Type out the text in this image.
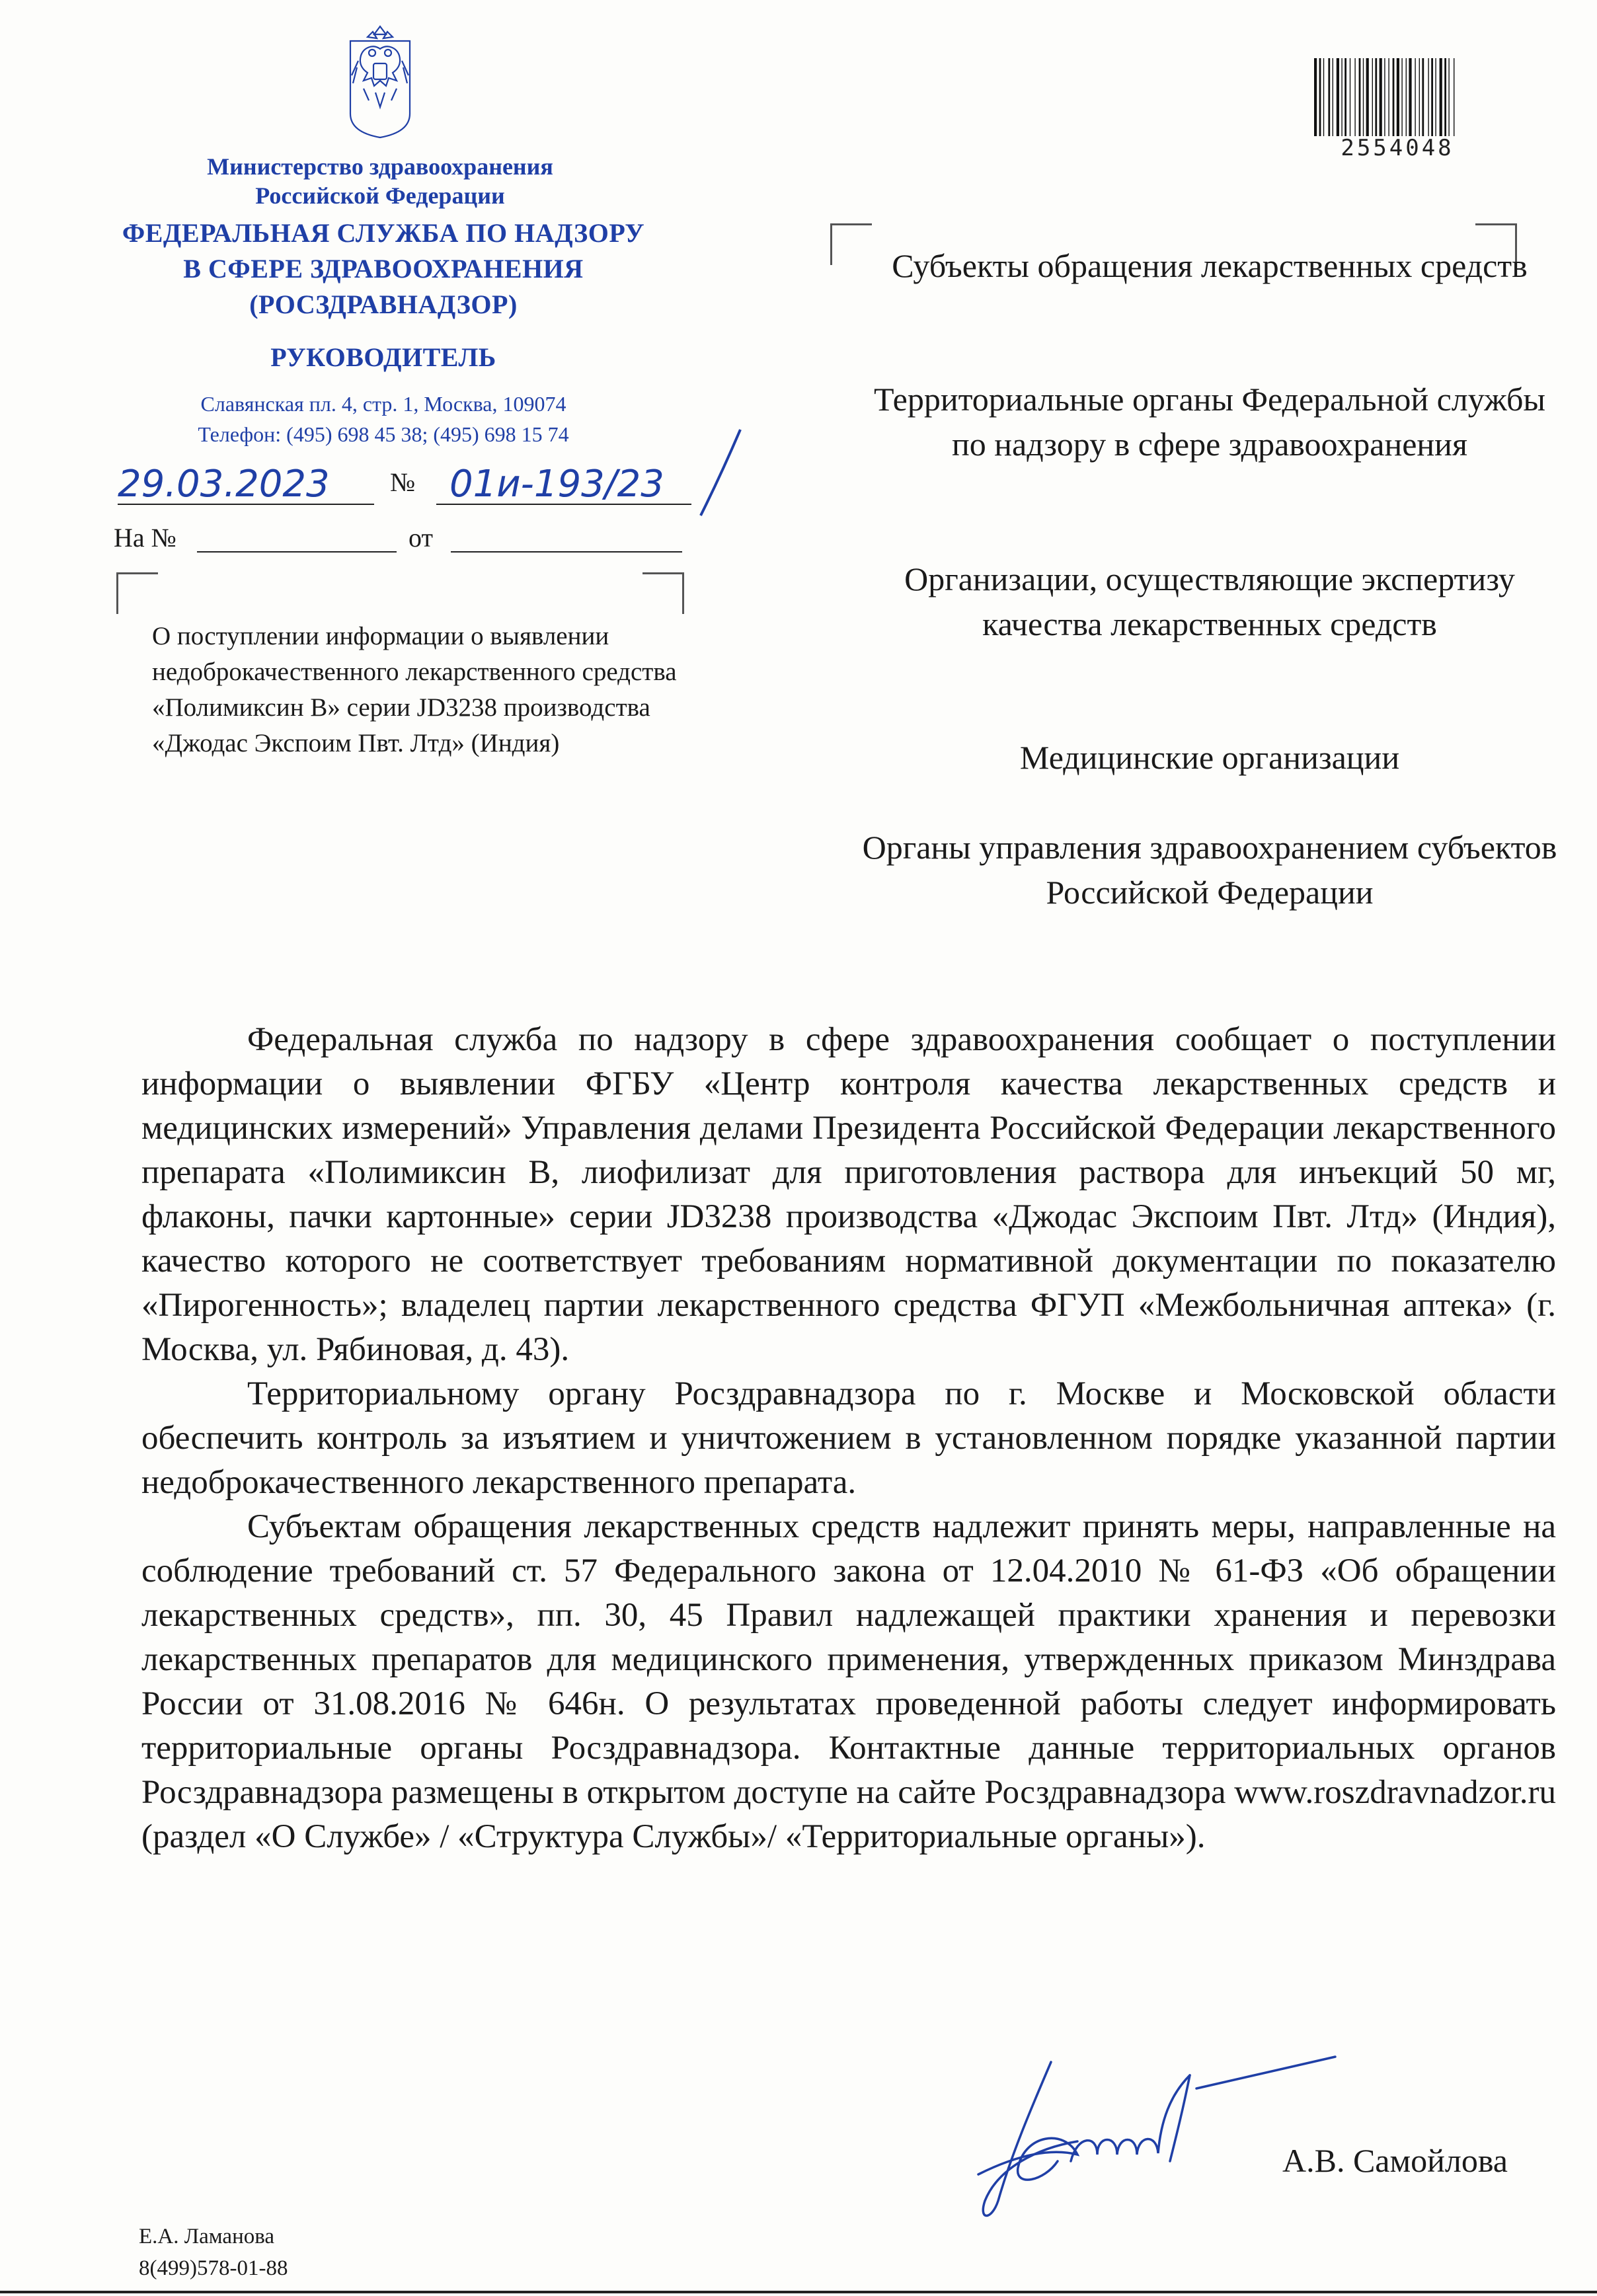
Министерство здравоохранения Российской Федерации
ФЕДЕРАЛЬНАЯ СЛУЖБА ПО НАДЗОРУ
В СФЕРЕ ЗДРАВООХРАНЕНИЯ
(РОСЗДРАВНАДЗОР)
РУКОВОДИТЕЛЬ
Славянская пл. 4, стр. 1, Москва, 109074
Телефон: (495) 698 45 38; (495) 698 15 74
29.03.2023 № 01и-193/23
На №	от
О поступлении информации о выявлении недоброкачественного лекарственного средства «Полимиксин В» серии JD3238 производства «Джодас Экспоим Пвт. Лтд» (Индия)
2554048
Субъекты обращения лекарственных средств
Территориальные органы Федеральной службы по надзору в сфере здравоохранения
Организации, осуществляющие экспертизу качества лекарственных средств
Медицинские организации
Органы управления здравоохранением субъектов Российской Федерации

Федеральная служба по надзору в сфере здравоохранения сообщает о поступлении информации о выявлении ФГБУ «Центр контроля качества лекарственных средств и медицинских измерений» Управления делами Президента Российской Федерации лекарственного препарата «Полимиксин В, лиофилизат для приготовления раствора для инъекций 50 мг, флаконы, пачки картонные» серии JD3238 производства «Джодас Экспоим Пвт. Лтд» (Индия), качество которого не соответствует требованиям нормативной документации по показателю «Пирогенность»; владелец партии лекарственного средства ФГУП «Межбольничная аптека» (г. Москва, ул. Рябиновая, д. 43).

Территориальному органу Росздравнадзора по г. Москве и Московской области обеспечить контроль за изъятием и уничтожением в установленном порядке указанной партии недоброкачественного лекарственного препарата.

Субъектам обращения лекарственных средств надлежит принять меры, направленные на соблюдение требований ст. 57 Федерального закона от 12.04.2010 № 61-ФЗ «Об обращении лекарственных средств», пп. 30, 45 Правил надлежащей практики хранения и перевозки лекарственных препаратов для медицинского применения, утвержденных приказом Минздрава России от 31.08.2016 № 646н. О результатах проведенной работы следует информировать территориальные органы Росздравнадзора. Контактные данные территориальных органов Росздравнадзора размещены в открытом доступе на сайте Росздравнадзора www.roszdravnadzor.ru (раздел «О Службе» / «Структура Службы»/ «Территориальные органы»).

А.В. Самойлова
Е.А. Ламанова
8(499)578-01-88
